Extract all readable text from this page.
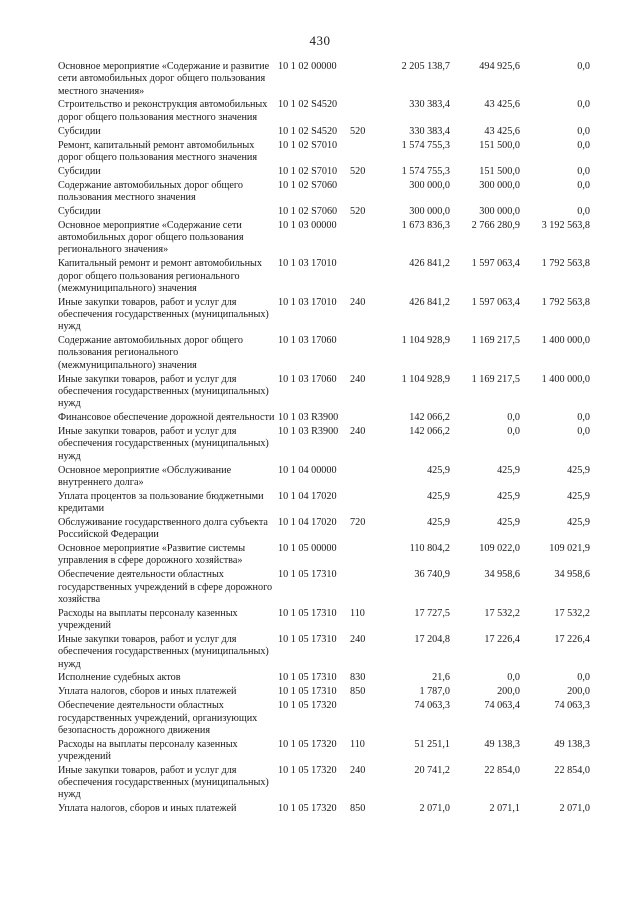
430
Основное мероприятие «Содержание и развитие сети автомобильных дорог общего пользования местного значения»	10 1 02 00000		2 205 138,7	494 925,6	0,0
Строительство и реконструкция автомобильных дорог общего пользования местного значения	10 1 02 S4520		330 383,4	43 425,6	0,0
Субсидии	10 1 02 S4520	520	330 383,4	43 425,6	0,0
Ремонт, капитальный ремонт автомобильных дорог общего пользования местного значения	10 1 02 S7010		1 574 755,3	151 500,0	0,0
Субсидии	10 1 02 S7010	520	1 574 755,3	151 500,0	0,0
Содержание автомобильных дорог общего пользования местного значения	10 1 02 S7060		300 000,0	300 000,0	0,0
Субсидии	10 1 02 S7060	520	300 000,0	300 000,0	0,0
Основное мероприятие «Содержание сети автомобильных дорог общего пользования регионального значения»	10 1 03 00000		1 673 836,3	2 766 280,9	3 192 563,8
Капитальный ремонт и ремонт автомобильных дорог общего пользования регионального (межмуниципального) значения	10 1 03 17010		426 841,2	1 597 063,4	1 792 563,8
Иные закупки товаров, работ и услуг для обеспечения государственных (муниципальных) нужд	10 1 03 17010	240	426 841,2	1 597 063,4	1 792 563,8
Содержание автомобильных дорог общего пользования регионального (межмуниципального) значения	10 1 03 17060		1 104 928,9	1 169 217,5	1 400 000,0
Иные закупки товаров, работ и услуг для обеспечения государственных (муниципальных) нужд	10 1 03 17060	240	1 104 928,9	1 169 217,5	1 400 000,0
Финансовое обеспечение дорожной деятельности	10 1 03 R3900		142 066,2	0,0	0,0
Иные закупки товаров, работ и услуг для обеспечения государственных (муниципальных) нужд	10 1 03 R3900	240	142 066,2	0,0	0,0
Основное мероприятие «Обслуживание внутреннего долга»	10 1 04 00000		425,9	425,9	425,9
Уплата процентов за пользование бюджетными кредитами	10 1 04 17020		425,9	425,9	425,9
Обслуживание государственного долга субъекта Российской Федерации	10 1 04 17020	720	425,9	425,9	425,9
Основное мероприятие «Развитие системы управления в сфере дорожного хозяйства»	10 1 05 00000		110 804,2	109 022,0	109 021,9
Обеспечение деятельности областных государственных учреждений в сфере дорожного хозяйства	10 1 05 17310		36 740,9	34 958,6	34 958,6
Расходы на выплаты персоналу казенных учреждений	10 1 05 17310	110	17 727,5	17 532,2	17 532,2
Иные закупки товаров, работ и услуг для обеспечения государственных (муниципальных) нужд	10 1 05 17310	240	17 204,8	17 226,4	17 226,4
Исполнение судебных актов	10 1 05 17310	830	21,6	0,0	0,0
Уплата налогов, сборов и иных платежей	10 1 05 17310	850	1 787,0	200,0	200,0
Обеспечение деятельности областных государственных учреждений, организующих безопасность дорожного движения	10 1 05 17320		74 063,3	74 063,4	74 063,3
Расходы на выплаты персоналу казенных учреждений	10 1 05 17320	110	51 251,1	49 138,3	49 138,3
Иные закупки товаров, работ и услуг для обеспечения государственных (муниципальных) нужд	10 1 05 17320	240	20 741,2	22 854,0	22 854,0
Уплата налогов, сборов и иных платежей	10 1 05 17320	850	2 071,0	2 071,1	2 071,0
